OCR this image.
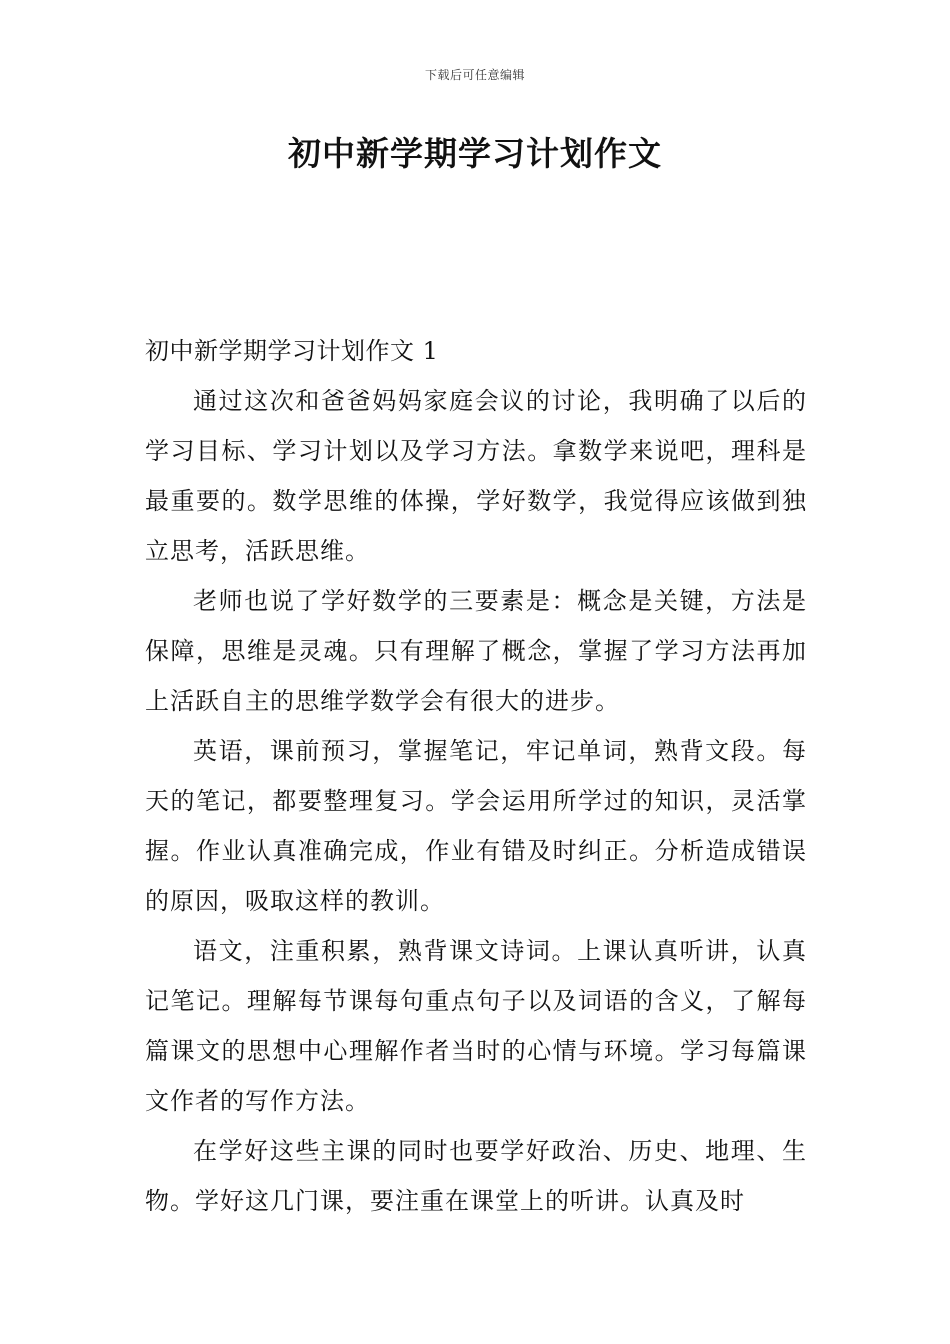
下载后可任意编辑
初中新学期学习计划作文

初中新学期学习计划作文 1

通过这次和爸爸妈妈家庭会议的讨论，我明确了以后的学习目标、学习计划以及学习方法。拿数学来说吧，理科是最重要的。数学思维的体操，学好数学，我觉得应该做到独立思考，活跃思维。

老师也说了学好数学的三要素是：概念是关键，方法是保障，思维是灵魂。只有理解了概念，掌握了学习方法再加上活跃自主的思维学数学会有很大的进步。

英语，课前预习，掌握笔记，牢记单词，熟背文段。每天的笔记，都要整理复习。学会运用所学过的知识，灵活掌握。作业认真准确完成，作业有错及时纠正。分析造成错误的原因，吸取这样的教训。

语文，注重积累，熟背课文诗词。上课认真听讲，认真记笔记。理解每节课每句重点句子以及词语的含义，了解每篇课文的思想中心理解作者当时的心情与环境。学习每篇课文作者的写作方法。

在学好这些主课的同时也要学好政治、历史、地理、生物。学好这几门课，要注重在课堂上的听讲。认真及时
